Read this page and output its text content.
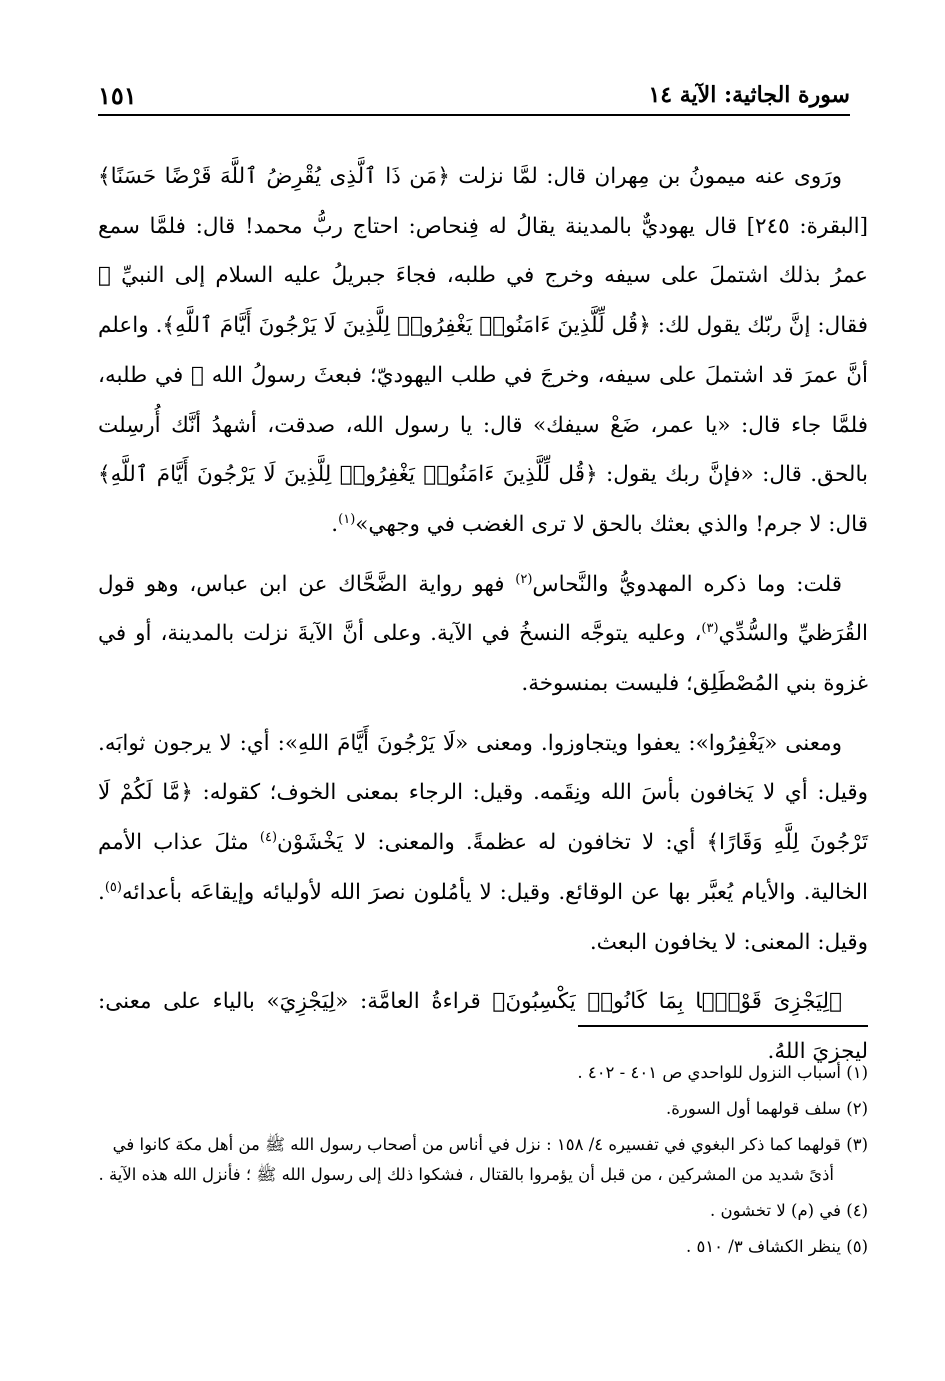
سورة الجاثية: الآية ١٤
١٥١

ورَوى عنه ميمونُ بن مِهران قال: لمَّا نزلت ﴿مَن ذَا ٱلَّذِى يُقْرِضُ ٱللَّهَ قَرْضًا حَسَنًا﴾ [البقرة: ٢٤٥] قال يهوديٌّ بالمدينة يقالُ له فِنحاص: احتاج ربُّ محمد! قال: فلمَّا سمع عمرُ بذلك اشتملَ على سيفه وخرج في طلبه، فجاءَ جبريلُ عليه السلام إلى النبيِّ ﷺ فقال: إنَّ ربّك يقول لك: ﴿قُل لِّلَّذِينَ ءَامَنُوا۟ يَغْفِرُوا۟ لِلَّذِينَ لَا يَرْجُونَ أَيَّامَ ٱللَّهِ﴾. واعلم أنَّ عمرَ قد اشتملَ على سيفه، وخرجَ في طلب اليهوديّ؛ فبعثَ رسولُ الله ﷺ في طلبه، فلمَّا جاء قال: «يا عمر، ضَعْ سيفك» قال: يا رسول الله، صدقت، أشهدُ أنَّك أُرسِلت بالحق. قال: «فإنَّ ربك يقول: ﴿قُل لِّلَّذِينَ ءَامَنُوا۟ يَغْفِرُوا۟ لِلَّذِينَ لَا يَرْجُونَ أَيَّامَ ٱللَّهِ﴾ قال: لا جرم! والذي بعثك بالحق لا ترى الغضب في وجهي»$^{(١)}$.

قلت: وما ذكره المهدويُّ والنَّحاس$^{(٢)}$ فهو رواية الضَّحَّاك عن ابن عباس، وهو قول القُرَظيِّ والسُّدِّي$^{(٣)}$، وعليه يتوجَّه النسخُ في الآية. وعلى أنَّ الآيةَ نزلت بالمدينة، أو في غزوة بني المُصْطَلِق؛ فليست بمنسوخة.

ومعنى «يَغْفِرُوا»: يعفوا ويتجاوزوا. ومعنى «لَا يَرْجُونَ أَيَّامَ اللهِ»: أي: لا يرجون ثوابَه. وقيل: أي لا يَخافون بأسَ الله ونِقَمه. وقيل: الرجاء بمعنى الخوف؛ كقوله: ﴿مَّا لَكُمْ لَا تَرْجُونَ لِلَّهِ وَقَارًا﴾ أي: لا تخافون له عظمةً. والمعنى: لا يَخْشَوْن$^{(٤)}$ مثلَ عذاب الأمم الخالية. والأيام يُعبَّر بها عن الوقائع. وقيل: لا يأمُلون نصرَ الله لأوليائه وإيقاعَه بأعدائه$^{(٥)}$. وقيل: المعنى: لا يخافون البعث.

﴿لِيَجْزِىَ قَوْمًۢا بِمَا كَانُوا۟ يَكْسِبُونَ﴾ قراءةُ العامَّة: «لِيَجْزِيَ» بالياء على معنى: ليجزيَ اللهُ.

(١) أسباب النزول للواحدي ص ٤٠١ - ٤٠٢ .

(٢) سلف قولهما أول السورة.

(٣) قولهما كما ذكر البغوي في تفسيره ٤/ ١٥٨ : نزل في أناس من أصحاب رسول الله ﷺ من أهل مكة كانوا في أذىً شديد من المشركين ، من قبل أن يؤمروا بالقتال ، فشكوا ذلك إلى رسول الله ﷺ ؛ فأنزل الله هذه الآية .

(٤) في (م) لا تخشون .

(٥) ينظر الكشاف ٣/ ٥١٠ .
